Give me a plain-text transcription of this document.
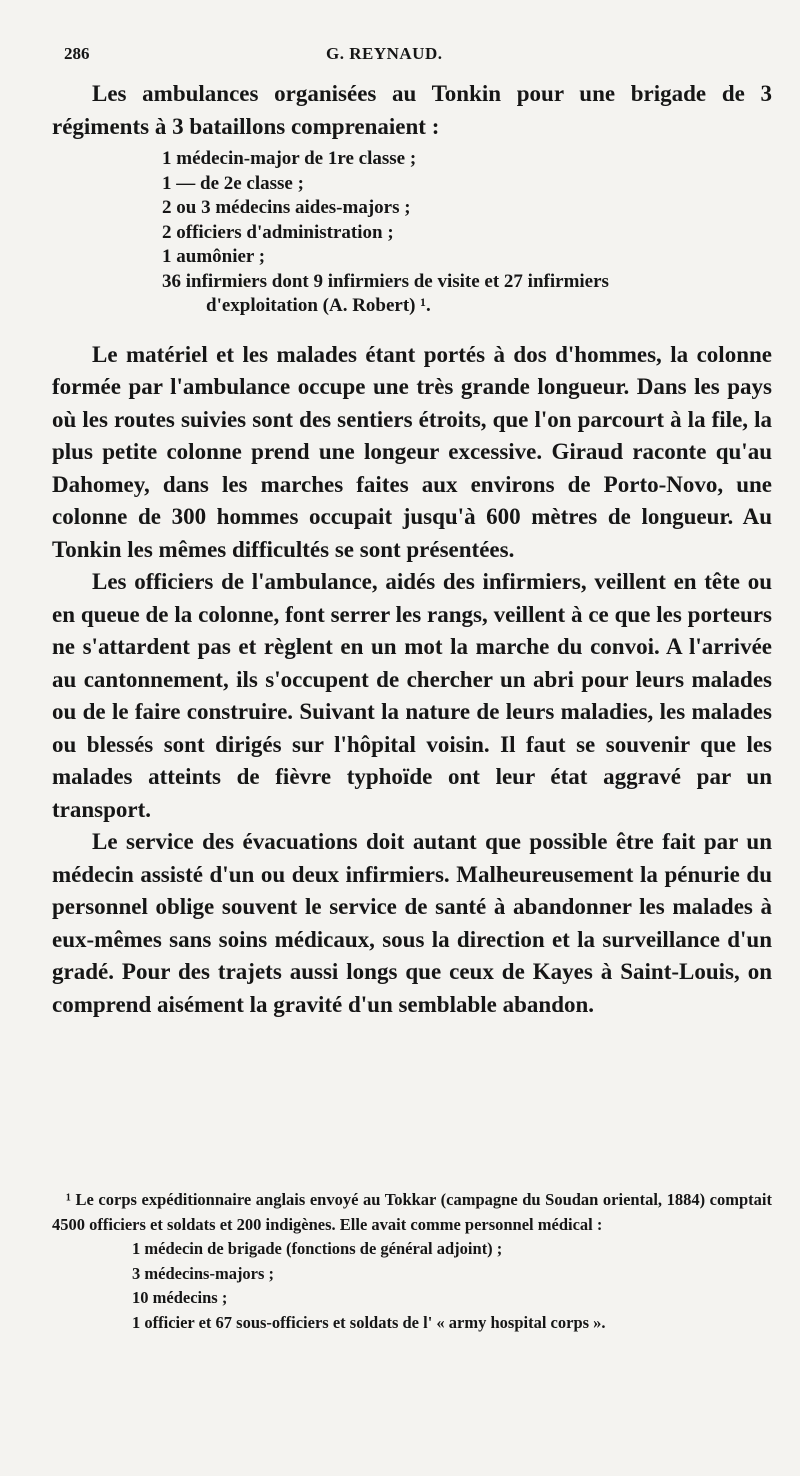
286	G. REYNAUD.

Les ambulances organisées au Tonkin pour une brigade de 3 régiments à 3 bataillons comprenaient :

1 médecin-major de 1re classe ;
1 — de 2e classe ;
2 ou 3 médecins aides-majors ;
2 officiers d'administration ;
1 aumônier ;
36 infirmiers dont 9 infirmiers de visite et 27 infirmiers
d'exploitation (A. Robert) ¹.

Le matériel et les malades étant portés à dos d'hommes, la colonne formée par l'ambulance occupe une très grande longueur. Dans les pays où les routes suivies sont des sentiers étroits, que l'on parcourt à la file, la plus petite colonne prend une longeur excessive. Giraud raconte qu'au Dahomey, dans les marches faites aux environs de Porto-Novo, une colonne de 300 hommes occupait jusqu'à 600 mètres de longueur. Au Tonkin les mêmes difficultés se sont présentées.

Les officiers de l'ambulance, aidés des infirmiers, veillent en tête ou en queue de la colonne, font serrer les rangs, veillent à ce que les porteurs ne s'attardent pas et règlent en un mot la marche du convoi. A l'arrivée au cantonnement, ils s'occupent de chercher un abri pour leurs malades ou de le faire construire. Suivant la nature de leurs maladies, les malades ou blessés sont dirigés sur l'hôpital voisin. Il faut se souvenir que les malades atteints de fièvre typhoïde ont leur état aggravé par un transport.

Le service des évacuations doit autant que possible être fait par un médecin assisté d'un ou deux infirmiers. Malheureusement la pénurie du personnel oblige souvent le service de santé à abandonner les malades à eux-mêmes sans soins médicaux, sous la direction et la surveillance d'un gradé. Pour des trajets aussi longs que ceux de Kayes à Saint-Louis, on comprend aisément la gravité d'un semblable abandon.

¹ Le corps expéditionnaire anglais envoyé au Tokkar (campagne du Soudan oriental, 1884) comptait 4500 officiers et soldats et 200 indigènes. Elle avait comme personnel médical :

1 médecin de brigade (fonctions de général adjoint) ;
3 médecins-majors ;
10 médecins ;
1 officier et 67 sous-officiers et soldats de l' « army hospital corps ».
